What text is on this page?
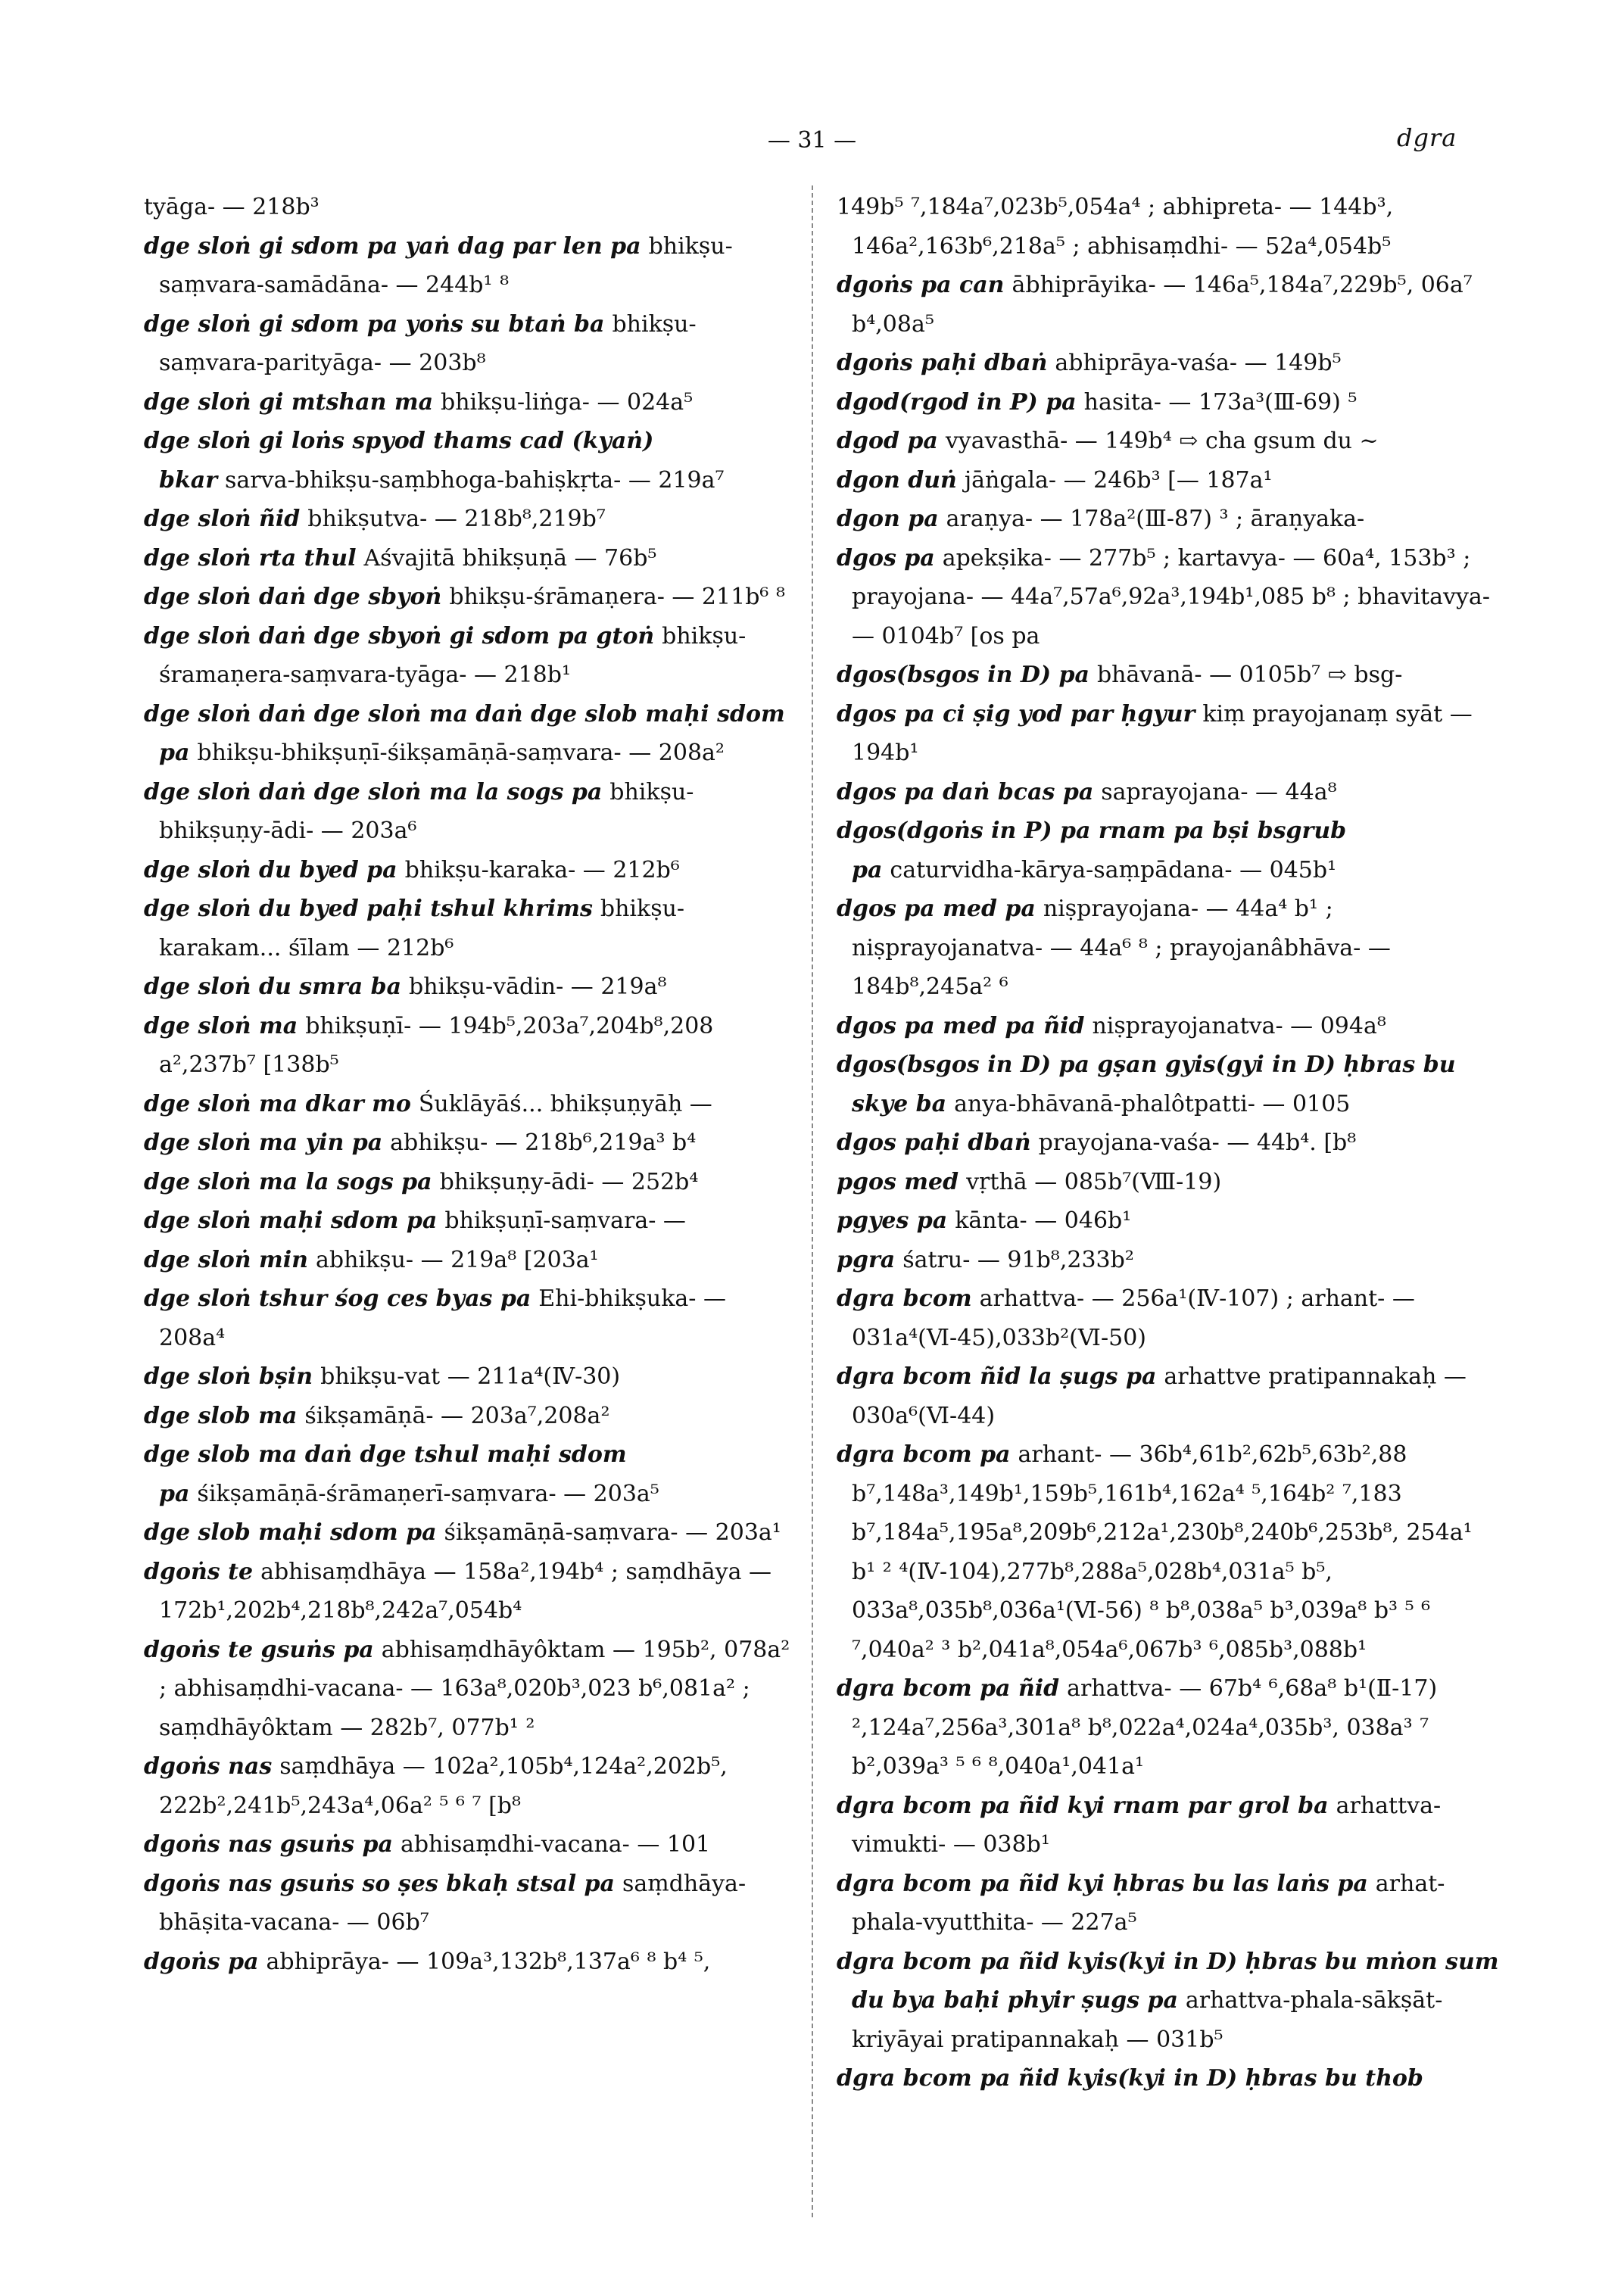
— 31 —	dgra
tyāga- — 218b³
dge sloṅ gi sdom pa yaṅ dag par len pa bhikṣu-saṃvara-samādāna- — 244b¹ ⁸
dge sloṅ gi sdom pa yoṅs su btaṅ ba bhikṣu-saṃvara-parityāga- — 203b⁸
dge sloṅ gi mtshan ma bhikṣu-liṅga- — 024a⁵
dge sloṅ gi loṅs spyod thams cad (kyaṅ) bkar sarva-bhikṣu-saṃbhoga-bahiṣkṛta- — 219a⁷
dge sloṅ ñid bhikṣutva- — 218b⁸,219b⁷
dge sloṅ rta thul Aśvajitā bhikṣuṇā — 76b⁵
dge sloṅ daṅ dge sbyoṅ bhikṣu-śrāmaṇera- — 211b⁶ ⁸
dge sloṅ daṅ dge sbyoṅ gi sdom pa gtoṅ bhikṣu-śramaṇera-saṃvara-tyāga- — 218b¹
dge sloṅ daṅ dge sloṅ ma daṅ dge slob maḥi sdom pa bhikṣu-bhikṣuṇī-śikṣamāṇā-saṃvara- — 208a²
dge sloṅ daṅ dge sloṅ ma la sogs pa bhikṣu-bhikṣuṇy-ādi- — 203a⁶
dge sloṅ du byed pa bhikṣu-karaka- — 212b⁶
dge sloṅ du byed paḥi tshul khrims bhikṣu-karakam... śīlam — 212b⁶
dge sloṅ du smra ba bhikṣu-vādin- — 219a⁸
dge sloṅ ma bhikṣuṇī- — 194b⁵,203a⁷,204b⁸,208 a²,237b⁷ [138b⁵
dge sloṅ ma dkar mo Śuklāyāś... bhikṣuṇyāḥ —
dge sloṅ ma yin pa abhikṣu- — 218b⁶,219a³ b⁴
dge sloṅ ma la sogs pa bhikṣuṇy-ādi- — 252b⁴
dge sloṅ maḥi sdom pa bhikṣuṇī-saṃvara- —
dge sloṅ min abhikṣu- — 219a⁸ [203a¹
dge sloṅ tshur śog ces byas pa Ehi-bhikṣuka- — 208a⁴
dge sloṅ bṣin bhikṣu-vat — 211a⁴(Ⅳ-30)
dge slob ma śikṣamāṇā- — 203a⁷,208a²
dge slob ma daṅ dge tshul maḥi sdom pa śikṣamāṇā-śrāmaṇerī-saṃvara- — 203a⁵
dge slob maḥi sdom pa śikṣamāṇā-saṃvara- — 203a¹
dgoṅs te abhisaṃdhāya — 158a²,194b⁴ ; saṃdhāya — 172b¹,202b⁴,218b⁸,242a⁷,054b⁴
dgoṅs te gsuṅs pa abhisaṃdhāyôktam — 195b², 078a² ; abhisaṃdhi-vacana- — 163a⁸,020b³,023 b⁶,081a² ; saṃdhāyôktam — 282b⁷, 077b¹ ²
dgoṅs nas saṃdhāya — 102a²,105b⁴,124a²,202b⁵, 222b²,241b⁵,243a⁴,06a² ⁵ ⁶ ⁷ [b⁸
dgoṅs nas gsuṅs pa abhisaṃdhi-vacana- — 101
dgoṅs nas gsuṅs so ṣes bkaḥ stsal pa saṃdhāya-bhāṣita-vacana- — 06b⁷
dgoṅs pa abhiprāya- — 109a³,132b⁸,137a⁶ ⁸ b⁴ ⁵,
149b⁵ ⁷,184a⁷,023b⁵,054a⁴ ; abhipreta- — 144b³, 146a²,163b⁶,218a⁵ ; abhisaṃdhi- — 52a⁴,054b⁵
dgoṅs pa can ābhiprāyika- — 146a⁵,184a⁷,229b⁵, 06a⁷ b⁴,08a⁵
dgoṅs paḥi dbaṅ abhiprāya-vaśa- — 149b⁵
dgod(rgod in P) pa hasita- — 173a³(Ⅲ-69) ⁵
dgod pa vyavasthā- — 149b⁴ ⇨ cha gsum du ~
dgon duṅ jāṅgala- — 246b³ [— 187a¹
dgon pa araṇya- — 178a²(Ⅲ-87) ³ ; āraṇyaka-
dgos pa apekṣika- — 277b⁵ ; kartavya- — 60a⁴, 153b³ ; prayojana- — 44a⁷,57a⁶,92a³,194b¹,085 b⁸ ; bhavitavya- — 0104b⁷ [os pa
dgos(bsgos in D) pa bhāvanā- — 0105b⁷ ⇨ bsg-
dgos pa ci ṣig yod par ḥgyur kiṃ prayojanaṃ syāt — 194b¹
dgos pa daṅ bcas pa saprayojana- — 44a⁸
dgos(dgoṅs in P) pa rnam pa bṣi bsgrub pa caturvidha-kārya-saṃpādana- — 045b¹
dgos pa med pa niṣprayojana- — 44a⁴ b¹ ; niṣprayojanatva- — 44a⁶ ⁸ ; prayojanâbhāva- — 184b⁸,245a² ⁶
dgos pa med pa ñid niṣprayojanatva- — 094a⁸
dgos(bsgos in D) pa gṣan gyis(gyi in D) ḥbras bu skye ba anya-bhāvanā-phalôtpatti- — 0105
dgos paḥi dbaṅ prayojana-vaśa- — 44b⁴. [b⁸
pgos med vṛthā — 085b⁷(Ⅷ-19)
pgyes pa kānta- — 046b¹
pgra śatru- — 91b⁸,233b²
dgra bcom arhattva- — 256a¹(Ⅳ-107) ; arhant- — 031a⁴(Ⅵ-45),033b²(Ⅵ-50)
dgra bcom ñid la ṣugs pa arhattve pratipannakaḥ — 030a⁶(Ⅵ-44)
dgra bcom pa arhant- — 36b⁴,61b²,62b⁵,63b²,88 b⁷,148a³,149b¹,159b⁵,161b⁴,162a⁴ ⁵,164b² ⁷,183 b⁷,184a⁵,195a⁸,209b⁶,212a¹,230b⁸,240b⁶,253b⁸, 254a¹ b¹ ² ⁴(Ⅳ-104),277b⁸,288a⁵,028b⁴,031a⁵ b⁵, 033a⁸,035b⁸,036a¹(Ⅵ-56) ⁸ b⁸,038a⁵ b³,039a⁸ b³ ⁵ ⁶ ⁷,040a² ³ b²,041a⁸,054a⁶,067b³ ⁶,085b³,088b¹
dgra bcom pa ñid arhattva- — 67b⁴ ⁶,68a⁸ b¹(Ⅱ-17) ²,124a⁷,256a³,301a⁸ b⁸,022a⁴,024a⁴,035b³, 038a³ ⁷ b²,039a³ ⁵ ⁶ ⁸,040a¹,041a¹
dgra bcom pa ñid kyi rnam par grol ba arhattva-vimukti- — 038b¹
dgra bcom pa ñid kyi ḥbras bu las laṅs pa arhat-phala-vyutthita- — 227a⁵
dgra bcom pa ñid kyis(kyi in D) ḥbras bu mṅon sum du bya baḥi phyir ṣugs pa arhattva-phala-sākṣāt-kriyāyai pratipannakaḥ — 031b⁵
dgra bcom pa ñid kyis(kyi in D) ḥbras bu thob
